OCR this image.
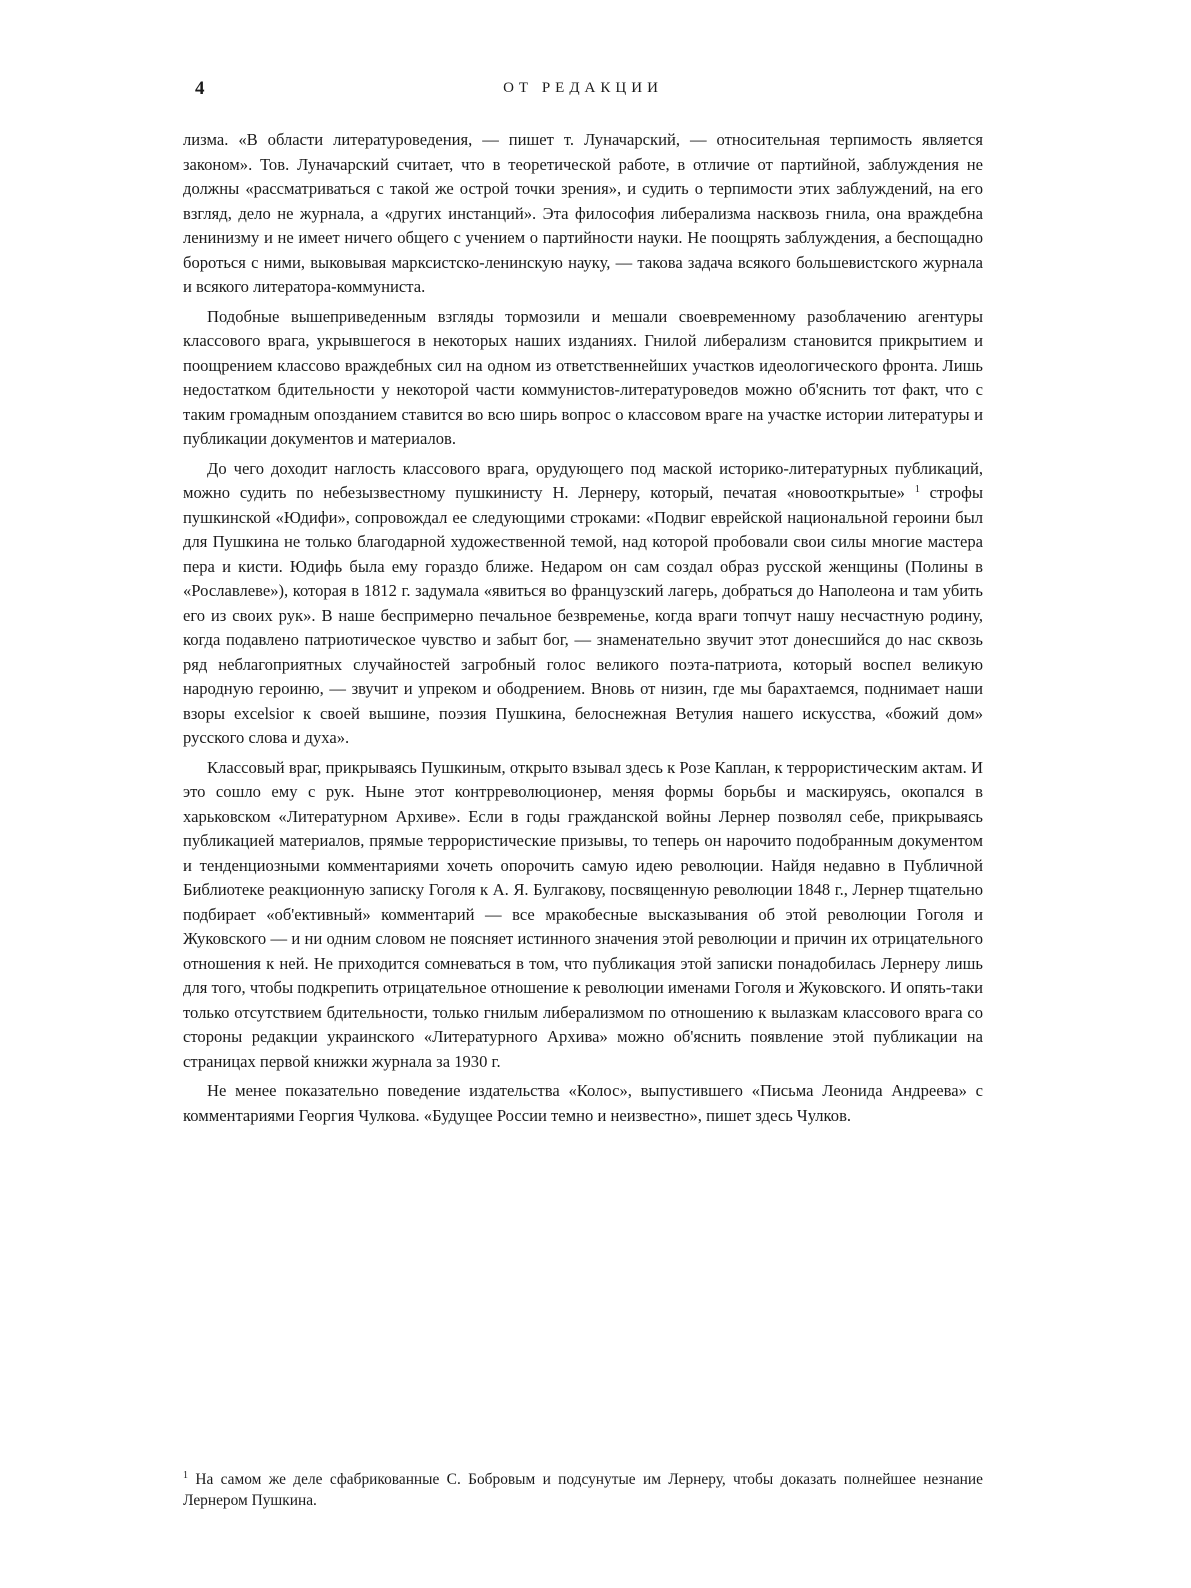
4	ОТ РЕДАКЦИИ

лизма. «В области литературоведения, — пишет т. Луначарский, — относительная терпимость является законом». Тов. Луначарский считает, что в теоретической работе, в отличие от партийной, заблуждения не должны «рассматриваться с такой же острой точки зрения», и судить о терпимости этих заблуждений, на его взгляд, дело не журнала, а «других инстанций». Эта философия либерализма насквозь гнила, она враждебна ленинизму и не имеет ничего общего с учением о партийности науки. Не поощрять заблуждения, а беспощадно бороться с ними, выковывая марксистско-ленинскую науку, — такова задача всякого большевистского журнала и всякого литератора-коммуниста.

Подобные вышеприведенным взгляды тормозили и мешали своевременному разоблачению агентуры классового врага, укрывшегося в некоторых наших изданиях. Гнилой либерализм становится прикрытием и поощрением классово враждебных сил на одном из ответственнейших участков идеологического фронта. Лишь недостатком бдительности у некоторой части коммунистов-литературоведов можно об'яснить тот факт, что с таким громадным опозданием ставится во всю ширь вопрос о классовом враге на участке истории литературы и публикации документов и материалов.

До чего доходит наглость классового врага, орудующего под маской историко-литературных публикаций, можно судить по небезызвестному пушкинисту Н. Лернеру, который, печатая «новооткрытые» $^1$ строфы пушкинской «Юдифи», сопровождал ее следующими строками: «Подвиг еврейской национальной героини был для Пушкина не только благодарной художественной темой, над которой пробовали свои силы многие мастера пера и кисти. Юдифь была ему гораздо ближе. Недаром он сам создал образ русской женщины (Полины в «Рославлеве»), которая в 1812 г. задумала «явиться во французский лагерь, добраться до Наполеона и там убить его из своих рук». В наше беспримерно печальное безвременье, когда враги топчут нашу несчастную родину, когда подавлено патриотическое чувство и забыт бог, — знаменательно звучит этот донесшийся до нас сквозь ряд неблагоприятных случайностей загробный голос великого поэта-патриота, который воспел великую народную героиню, — звучит и упреком и ободрением. Вновь от низин, где мы барахтаемся, поднимает наши взоры excelsior к своей вышине, поэзия Пушкина, белоснежная Ветулия нашего искусства, «божий дом» русского слова и духа».

Классовый враг, прикрываясь Пушкиным, открыто взывал здесь к Розе Каплан, к террористическим актам. И это сошло ему с рук. Ныне этот контрреволюционер, меняя формы борьбы и маскируясь, окопался в харьковском «Литературном Архиве». Если в годы гражданской войны Лернер позволял себе, прикрываясь публикацией материалов, прямые террористические призывы, то теперь он нарочито подобранным документом и тенденциозными комментариями хочеть опорочить самую идею революции. Найдя недавно в Публичной Библиотеке реакционную записку Гоголя к А. Я. Булгакову, посвященную революции 1848 г., Лернер тщательно подбирает «об'ективный» комментарий — все мракобесные высказывания об этой революции Гоголя и Жуковского — и ни одним словом не поясняет истинного значения этой революции и причин их отрицательного отношения к ней. Не приходится сомневаться в том, что публикация этой записки понадобилась Лернеру лишь для того, чтобы подкрепить отрицательное отношение к революции именами Гоголя и Жуковского. И опять-таки только отсутствием бдительности, только гнилым либерализмом по отношению к вылазкам классового врага со стороны редакции украинского «Литературного Архива» можно об'яснить появление этой публикации на страницах первой книжки журнала за 1930 г.

Не менее показательно поведение издательства «Колос», выпустившего «Письма Леонида Андреева» с комментариями Георгия Чулкова. «Будущее России темно и неизвестно», пишет здесь Чулков.

$^1$ На самом же деле сфабрикованные С. Бобровым и подсунутые им Лернеру, чтобы доказать полнейшее незнание Лернером Пушкина.
